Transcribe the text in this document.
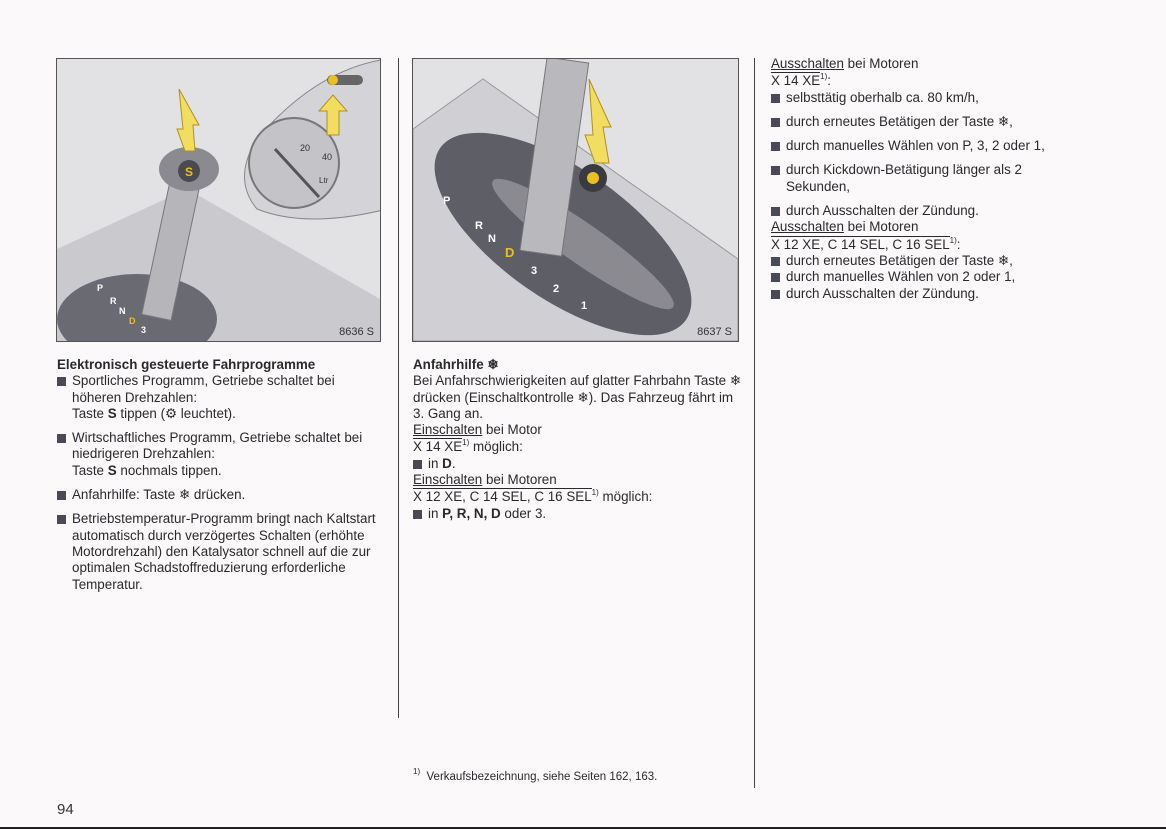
20
40
Ltr
S
P
R
N
D
3	8636 S
P
R
N
D
3
2
1
8637 S

Elektronisch gesteuerte Fahrprogramme

Sportliches Programm, Getriebe schaltet bei höheren Drehzahlen:
Taste S tippen (⚙ leuchtet).
Wirtschaftliches Programm, Getriebe schaltet bei niedrigeren Drehzahlen:
Taste S nochmals tippen.
Anfahrhilfe: Taste ❄ drücken.
Betriebstemperatur-Programm bringt nach Kaltstart automatisch durch verzögertes Schalten (erhöhte Motordrehzahl) den Katalysator schnell auf die zur optimalen Schadstoffreduzierung erforderliche Temperatur.

Anfahrhilfe ❄

Bei Anfahrschwierigkeiten auf glatter Fahrbahn Taste ❄ drücken (Einschaltkontrolle ❄). Das Fahrzeug fährt im 3. Gang an.

Einschalten bei Motor

X 14 XE$^{1)}$ möglich:

in D.

Einschalten bei Motoren

X 12 XE, C 14 SEL, C 16 SEL$^{1)}$ möglich:

in P, R, N, D oder 3.

Ausschalten bei Motoren

X 14 XE$^{1)}$:

selbsttätig oberhalb ca. 80 km/h,
durch erneutes Betätigen der Taste ❄,
durch manuelles Wählen von P, 3, 2 oder 1,
durch Kickdown-Betätigung länger als 2 Sekunden,
durch Ausschalten der Zündung.

Ausschalten bei Motoren

X 12 XE, C 14 SEL, C 16 SEL$^{1)}$:

durch erneutes Betätigen der Taste ❄,
durch manuelles Wählen von 2 oder 1,
durch Ausschalten der Zündung.
$^{1)}$ Verkaufsbezeichnung, siehe Seiten 162, 163.
94
